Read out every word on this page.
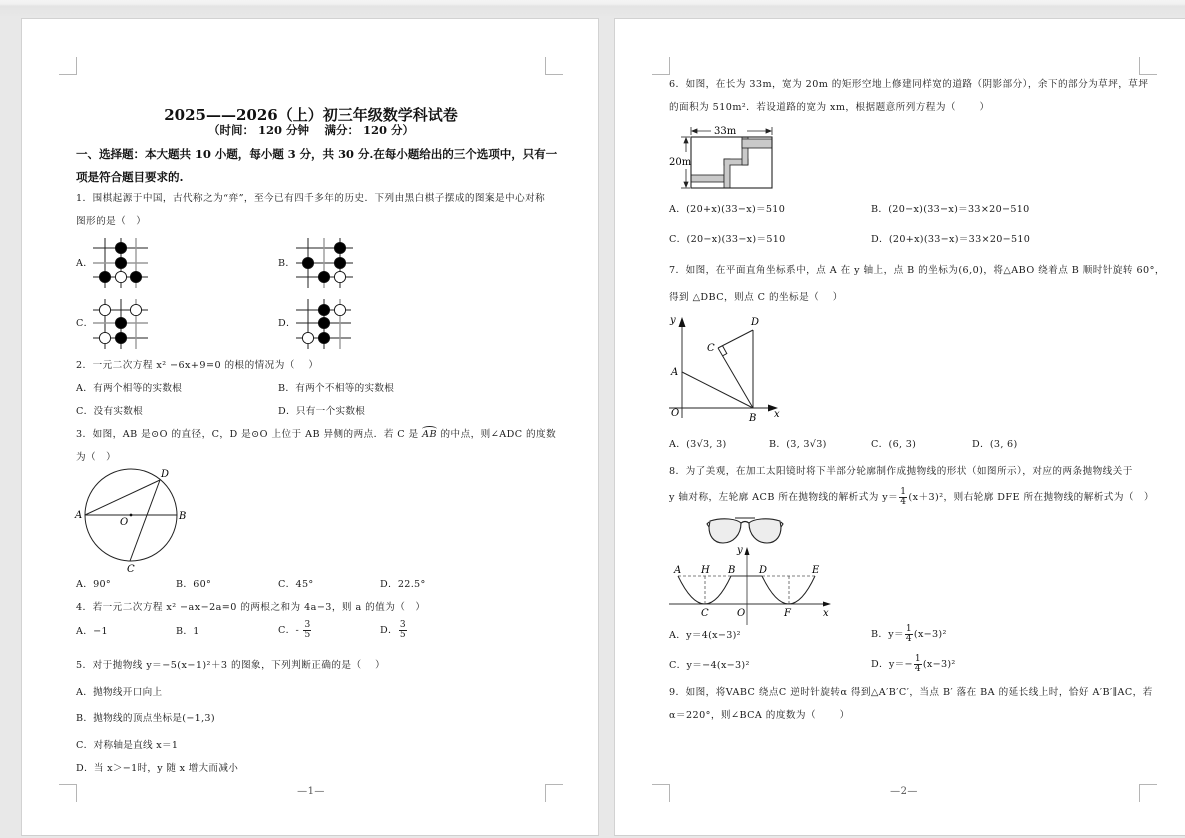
2025——2026（上）初三年级数学科试卷
（时间： 120 分钟　 满分： 120 分）
一、选择题：本大题共 10 小题，每小题 3 分，共 30 分.在每小题给出的三个选项中，只有一
项是符合题目要求的.
1．围棋起源于中国，古代称之为“弈”，至今已有四千多年的历史．下列由黑白棋子摆成的图案是中心对称
图形的是（　）
A．	B．
C．	D．
2．一元二次方程 x² −6x+9=0 的根的情况为（　 ）
A．有两个相等的实数根	B．有两个不相等的实数根
C．没有实数根	D．只有一个实数根
3．如图，AB 是⊙O 的直径，C，D 是⊙O 上位于 AB 异侧的两点．若 C 是 AB 的中点，则∠ADC 的度数
为（　）
A	B
D
C
O
A．90°	B．60°	C．45°	D．22.5°
4．若一元二次方程 x² −ax−2a=0 的两根之和为 4a−3，则 a 的值为（　）
A．−1	B．1	C．- $\frac{3}{5}$	D． $\frac{3}{5}$
5．对于抛物线 y＝−5(x−1)²＋3 的图象，下列判断正确的是（　 ）
A．抛物线开口向上
B．抛物线的顶点坐标是(−1,3)
C．对称轴是直线 x＝1
D．当 x＞−1时，y 随 x 增大而减小
—1—
6．如图，在长为 33m，宽为 20m 的矩形空地上修建同样宽的道路（阴影部分），余下的部分为草坪，草坪
的面积为 510m²．若设道路的宽为 xm，根据题意所列方程为（　　 ）
33m
20m
A．(20+x)(33−x)＝510	B．(20−x)(33−x)＝33×20−510
C．(20−x)(33−x)＝510	D．(20+x)(33−x)＝33×20−510
7．如图，在平面直角坐标系中，点 A 在 y 轴上，点 B 的坐标为(6,0)，将△ABO 绕着点 B 顺时针旋转 60°，
得到 △DBC，则点 C 的坐标是（　 ）
y
x
O
A
B
C
D
A．(3√3, 3)	B．(3, 3√3)	C．(6, 3)	D．(3, 6)
8．为了美观，在加工太阳镜时将下半部分轮廓制作成抛物线的形状（如图所示），对应的两条抛物线关于
y 轴对称，左轮廓 ACB 所在抛物线的解析式为 $y= \frac{1}{4} (x+3)^2$，则右轮廓 DFE 所在抛物线的解析式为（　）
A H B D	E
C	O	F	x
y
A．y＝4(x−3)²	B．$y= \frac{1}{4} (x-3)^2$
C．y＝−4(x−3)²	D．$y=- \frac{1}{4} (x-3)^2$
9．如图，将VABC 绕点C 逆时针旋转α 得到△A′B′C′，当点 B′ 落在 BA 的延长线上时，恰好 A′B′∥AC，若
α＝220°，则∠BCA 的度数为（　　 ）
—2—
